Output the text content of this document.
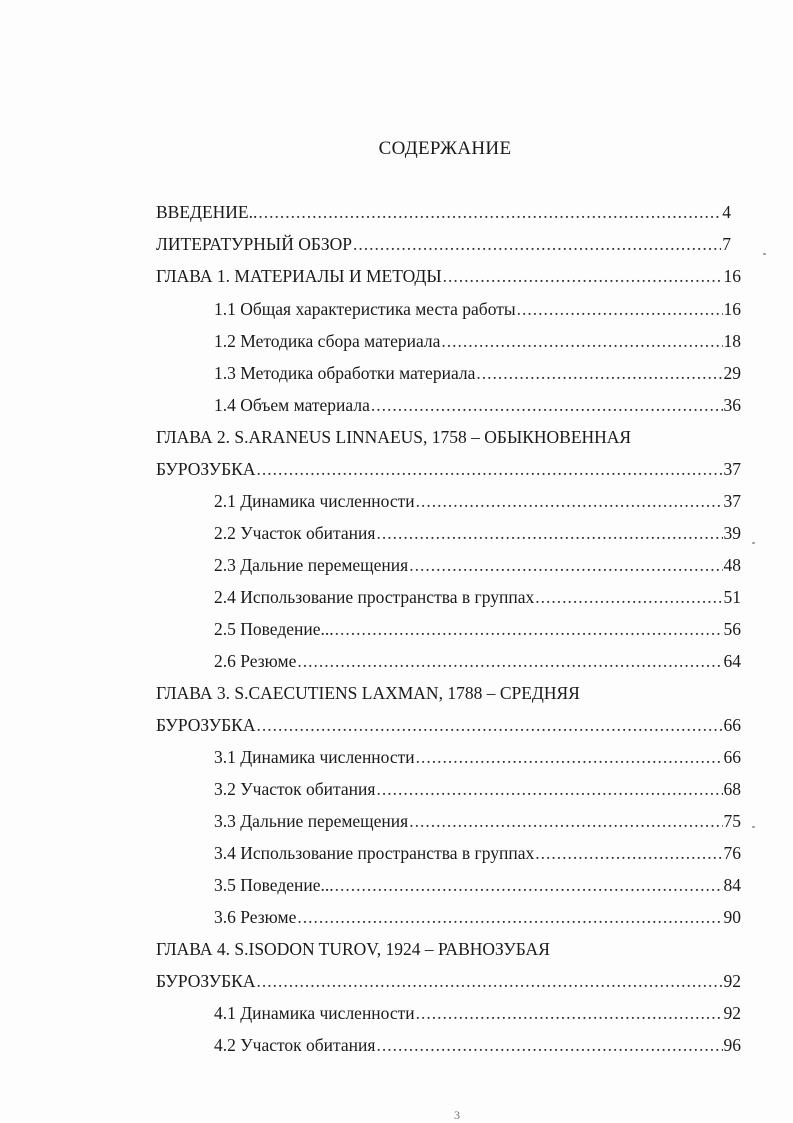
СОДЕРЖАНИЕ
ВВЕДЕНИЕ.. .....	4
ЛИТЕРАТУРНЫЙ ОБЗОР .....	7
ГЛАВА 1. МАТЕРИАЛЫ И МЕТОДЫ .....	16
1.1 Общая характеристика места работы .....	16
1.2 Методика сбора материала .....	18
1.3 Методика обработки материала .....	29
1.4 Объем материала .....	36
ГЛАВА 2. S.ARANEUS LINNAEUS, 1758 – ОБЫКНОВЕННАЯ
БУРОЗУБКА .....	37
2.1 Динамика численности .....	37
2.2 Участок обитания .....	39
2.3 Дальние перемещения .....	48
2.4 Использование пространства в группах .....	51
2.5 Поведение... .....	56
2.6 Резюме .....	64
ГЛАВА 3. S.CAECUTIENS LAXMAN, 1788 – СРЕДНЯЯ
БУРОЗУБКА .....	66
3.1 Динамика численности .....	66
3.2 Участок обитания .....	68
3.3 Дальние перемещения .....	75
3.4 Использование пространства в группах .....	76
3.5 Поведение... .....	84
3.6 Резюме .....	90
ГЛАВА 4. S.ISODON TUROV, 1924 – РАВНОЗУБАЯ
БУРОЗУБКА .....	92
4.1 Динамика численности .....	92
4.2 Участок обитания .....	96
3
